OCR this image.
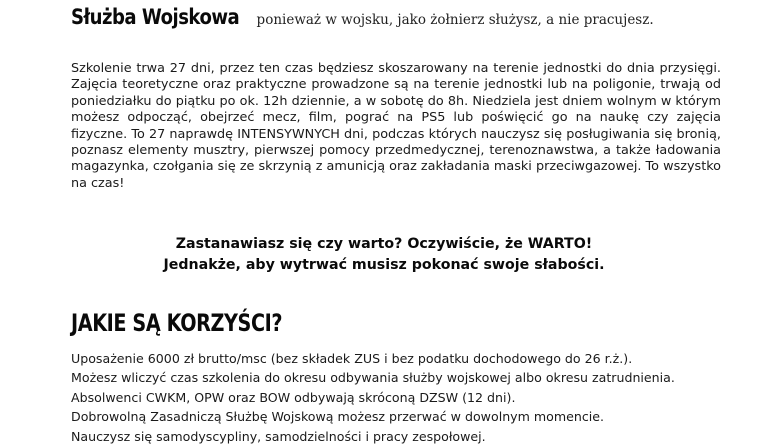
Służba Wojskowa ponieważ w wojsku, jako żołnierz służysz, a nie pracujesz.

Szkolenie trwa 27 dni, przez ten czas będziesz skoszarowany na terenie jednostki do dnia przysięgi. Zajęcia teoretyczne oraz praktyczne prowadzone są na terenie jednostki lub na poligonie, trwają od poniedziałku do piątku po ok. 12h dziennie, a w sobotę do 8h. Niedziela jest dniem wolnym w którym możesz odpocząć, obejrzeć mecz, film, pograć na PS5 lub poświęcić go na naukę czy zajęcia fizyczne. To 27 naprawdę INTENSYWNYCH dni, podczas których nauczysz się posługiwania się bronią, poznasz elementy musztry, pierwszej pomocy przedmedycznej, terenoznawstwa, a także ładowania magazynka, czołgania się ze skrzynią z amunicją oraz zakładania maski przeciwgazowej. To wszystko na czas!

Zastanawiasz się czy warto? Oczywiście, że WARTO!
Jednakże, aby wytrwać musisz pokonać swoje słabości.
JAKIE SĄ KORZYŚCI?
Uposażenie 6000 zł brutto/msc (bez składek ZUS i bez podatku dochodowego do 26 r.ż.).
Możesz wliczyć czas szkolenia do okresu odbywania służby wojskowej albo okresu zatrudnienia.
Absolwenci CWKM, OPW oraz BOW odbywają skróconą DZSW (12 dni).
Dobrowolną Zasadniczą Służbę Wojskową możesz przerwać w dowolnym momencie.
Nauczysz się samodyscypliny, samodzielności i pracy zespołowej.
